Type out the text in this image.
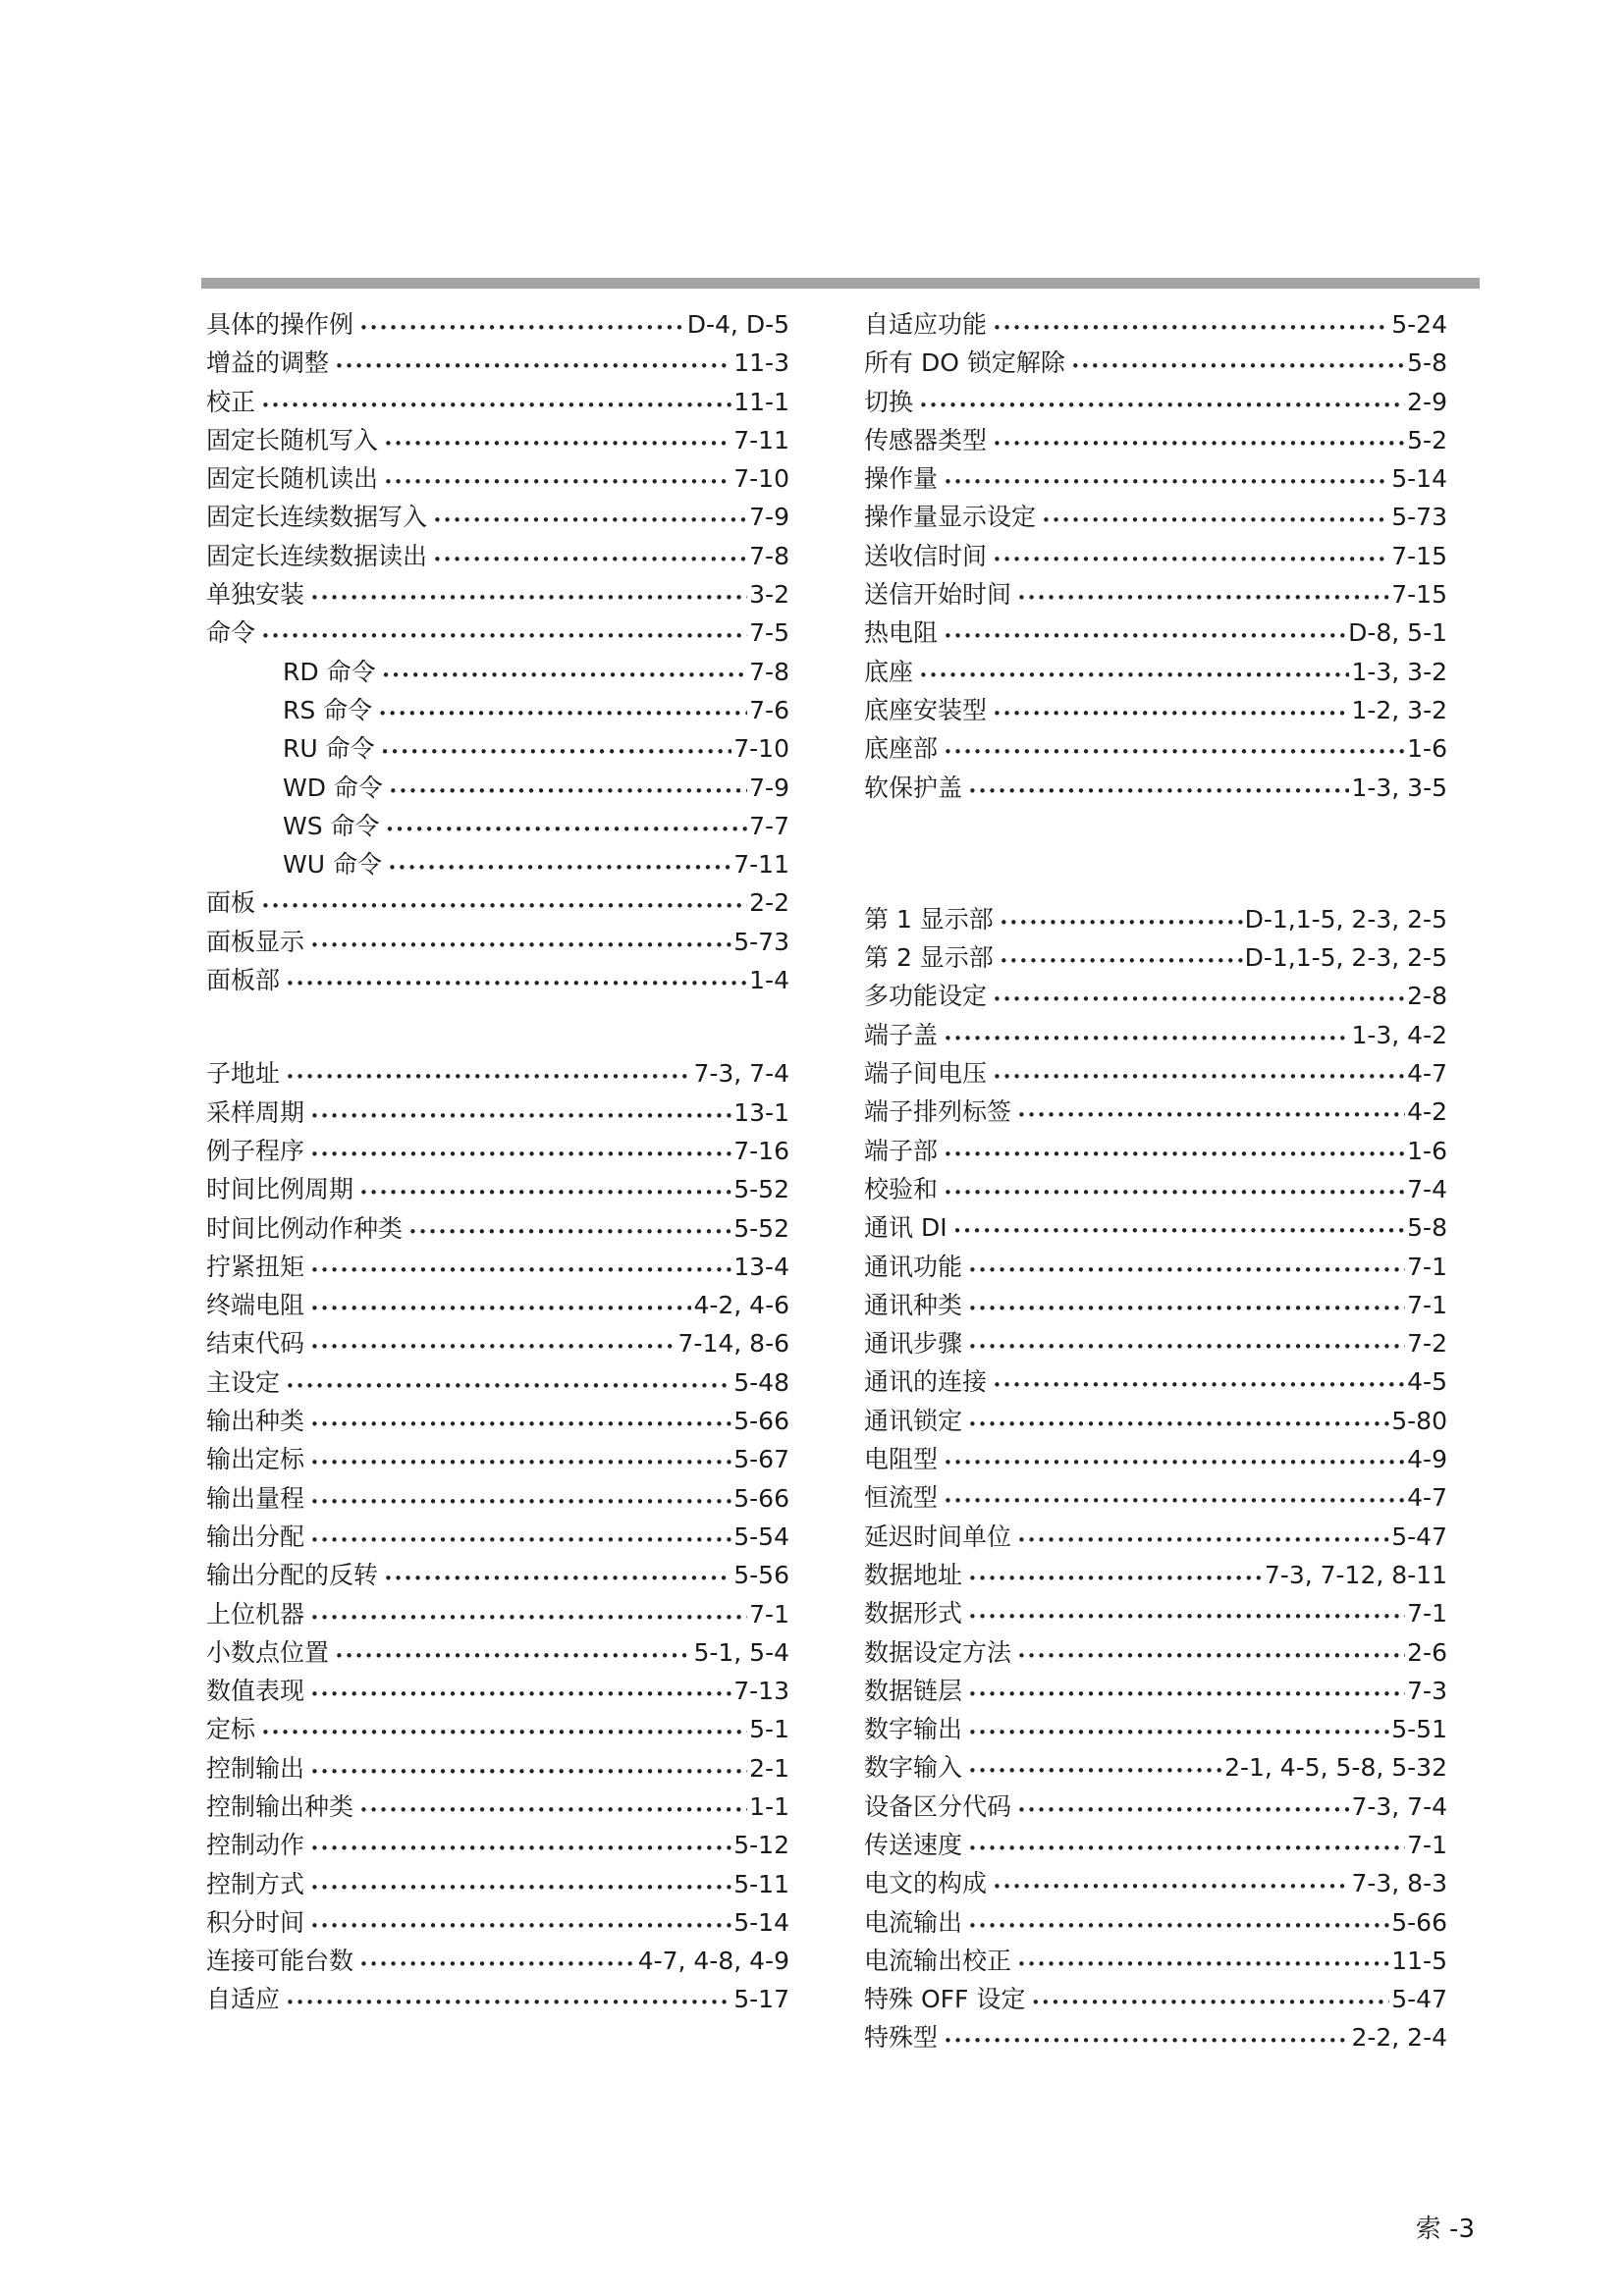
具体的操作例 •••••	D-4, D-5
增益的调整 •••••	11-3
校正 •••••	11-1
固定长随机写入 •••••	7-11
固定长随机读出 •••••	7-10
固定长连续数据写入 •••••	7-9
固定长连续数据读出 •••••	7-8
单独安装 •••••	3-2
命令 •••••	7-5
RD 命令 •••••	7-8
RS 命令 •••••	7-6
RU 命令 •••••	7-10
WD 命令 •••••	7-9
WS 命令 •••••	7-7
WU 命令 •••••	7-11
面板 •••••	2-2
面板显示 •••••	5-73
面板部 •••••	1-4
子地址 •••••	7-3, 7-4
采样周期 •••••	13-1
例子程序 •••••	7-16
时间比例周期 •••••	5-52
时间比例动作种类 •••••	5-52
拧紧扭矩 •••••	13-4
终端电阻 •••••	4-2, 4-6
结束代码 •••••	7-14, 8-6
主设定 •••••	5-48
输出种类 •••••	5-66
输出定标 •••••	5-67
输出量程 •••••	5-66
输出分配 •••••	5-54
输出分配的反转 •••••	5-56
上位机器 •••••	7-1
小数点位置 •••••	5-1, 5-4
数值表现 •••••	7-13
定标 •••••	5-1
控制输出 •••••	2-1
控制输出种类 •••••	1-1
控制动作 •••••	5-12
控制方式 •••••	5-11
积分时间 •••••	5-14
连接可能台数 •••••	4-7, 4-8, 4-9
自适应 •••••	5-17
自适应功能 •••••	5-24
所有 DO 锁定解除 •••••	5-8
切换 •••••	2-9
传感器类型 •••••	5-2
操作量 •••••	5-14
操作量显示设定 •••••	5-73
送收信时间 •••••	7-15
送信开始时间 •••••	7-15
热电阻 •••••	D-8, 5-1
底座 •••••	1-3, 3-2
底座安装型 •••••	1-2, 3-2
底座部 •••••	1-6
软保护盖 •••••	1-3, 3-5
第 1 显示部 •••••	D-1,1-5, 2-3, 2-5
第 2 显示部 •••••	D-1,1-5, 2-3, 2-5
多功能设定 •••••	2-8
端子盖 •••••	1-3, 4-2
端子间电压 •••••	4-7
端子排列标签 •••••	4-2
端子部 •••••	1-6
校验和 •••••	7-4
通讯 DI •••••	5-8
通讯功能 •••••	7-1
通讯种类 •••••	7-1
通讯步骤 •••••	7-2
通讯的连接 •••••	4-5
通讯锁定 •••••	5-80
电阻型 •••••	4-9
恒流型 •••••	4-7
延迟时间单位 •••••	5-47
数据地址 •••••	7-3, 7-12, 8-11
数据形式 •••••	7-1
数据设定方法 •••••	2-6
数据链层 •••••	7-3
数字输出 •••••	5-51
数字输入 •••••	2-1, 4-5, 5-8, 5-32
设备区分代码 •••••	7-3, 7-4
传送速度 •••••	7-1
电文的构成 •••••	7-3, 8-3
电流输出 •••••	5-66
电流输出校正 •••••	11-5
特殊 OFF 设定 •••••	5-47
特殊型 •••••	2-2, 2-4
索 -3
